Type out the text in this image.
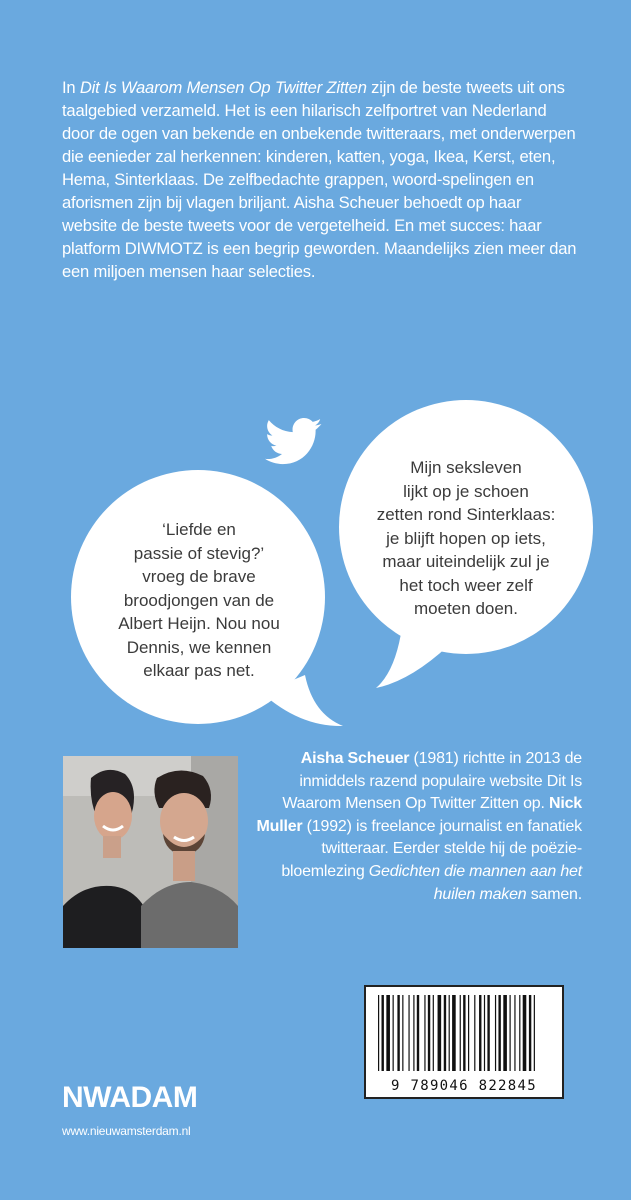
In Dit Is Waarom Mensen Op Twitter Zitten zijn de beste tweets uit ons taalgebied verzameld. Het is een hilarisch zelfportret van Nederland door de ogen van bekende en onbekende twitteraars, met onderwerpen die eenieder zal herkennen: kinderen, katten, yoga, Ikea, Kerst, eten, Hema, Sinterklaas. De zelfbedachte grappen, woord-spelingen en aforismen zijn bij vlagen briljant. Aisha Scheuer behoedt op haar website de beste tweets voor de vergetelheid. En met succes: haar platform DIWMOTZ is een begrip geworden. Maandelijks zien meer dan een miljoen mensen haar selecties.
‘Liefde en
passie of stevig?’
vroeg de brave
broodjongen van de
Albert Heijn. Nou nou
Dennis, we kennen
elkaar pas net.
Mijn seksleven
lijkt op je schoen
zetten rond Sinterklaas:
je blijft hopen op iets,
maar uiteindelijk zul je
het toch weer zelf
moeten doen.
Aisha Scheuer (1981) richtte in 2013 de inmiddels razend populaire website Dit Is Waarom Mensen Op Twitter Zitten op. Nick Muller (1992) is freelance journalist en fanatiek twitteraar. Eerder stelde hij de poëzie-bloemlezing Gedichten die mannen aan het huilen maken samen.
9 789046 822845
NWADAM
www.nieuwamsterdam.nl
